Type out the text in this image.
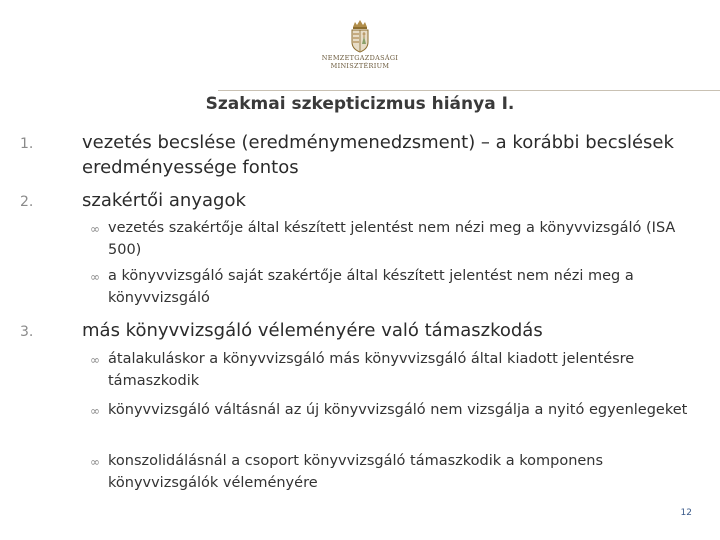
NEMZETGAZDASÁGI
MINISZTÉRIUM
Szakmai szkepticizmus hiánya I.
1.	vezetés becslése (eredménymenedzsment) – a korábbi becslések eredményessége fontos
2.	szakértői anyagok
∞ vezetés szakértője által készített jelentést nem nézi meg a könyvvizsgáló (ISA 500)
∞ a könyvvizsgáló saját szakértője által készített jelentést nem nézi meg a könyvvizsgáló
3.	más könyvvizsgáló véleményére való támaszkodás
∞ átalakuláskor a könyvvizsgáló más könyvvizsgáló által kiadott jelentésre támaszkodik
∞ könyvvizsgáló váltásnál az új könyvvizsgáló nem vizsgálja a nyitó egyenlegeket
∞ konszolidálásnál a csoport könyvvizsgáló támaszkodik a komponens könyvvizsgálók véleményére
12
